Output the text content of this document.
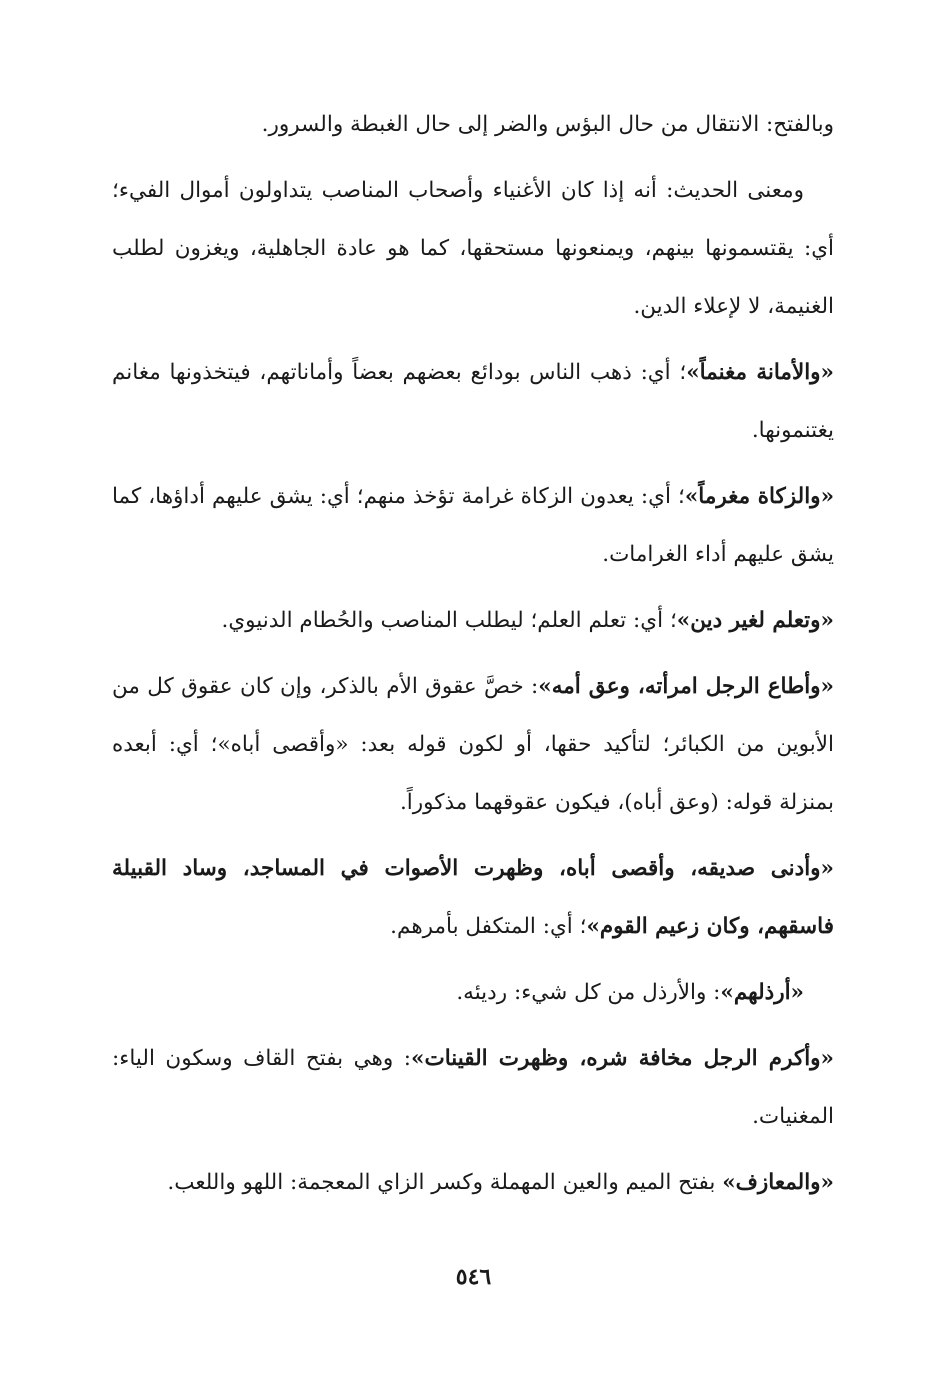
وبالفتح: الانتقال من حال البؤس والضر إلى حال الغبطة والسرور.

ومعنى الحديث: أنه إذا كان الأغنياء وأصحاب المناصب يتداولون أموال الفيء؛ أي: يقتسمونها بينهم، ويمنعونها مستحقها، كما هو عادة الجاهلية، ويغزون لطلب الغنيمة، لا لإعلاء الدين.

«والأمانة مغنماً»؛ أي: ذهب الناس بودائع بعضهم بعضاً وأماناتهم، فيتخذونها مغانم يغتنمونها.

«والزكاة مغرماً»؛ أي: يعدون الزكاة غرامة تؤخذ منهم؛ أي: يشق عليهم أداؤها، كما يشق عليهم أداء الغرامات.

«وتعلم لغير دين»؛ أي: تعلم العلم؛ ليطلب المناصب والحُطام الدنيوي.

«وأطاع الرجل امرأته، وعق أمه»: خصَّ عقوق الأم بالذكر، وإن كان عقوق كل من الأبوين من الكبائر؛ لتأكيد حقها، أو لكون قوله بعد: «وأقصى أباه»؛ أي: أبعده بمنزلة قوله: (وعق أباه)، فيكون عقوقهما مذكوراً.

«وأدنى صديقه، وأقصى أباه، وظهرت الأصوات في المساجد، وساد القبيلة فاسقهم، وكان زعيم القوم»؛ أي: المتكفل بأمرهم.

«أرذلهم»: والأرذل من كل شيء: رديئه.

«وأكرم الرجل مخافة شره، وظهرت القينات»: وهي بفتح القاف وسكون الياء: المغنيات.

«والمعازف» بفتح الميم والعين المهملة وكسر الزاي المعجمة: اللهو واللعب.

٥٤٦
